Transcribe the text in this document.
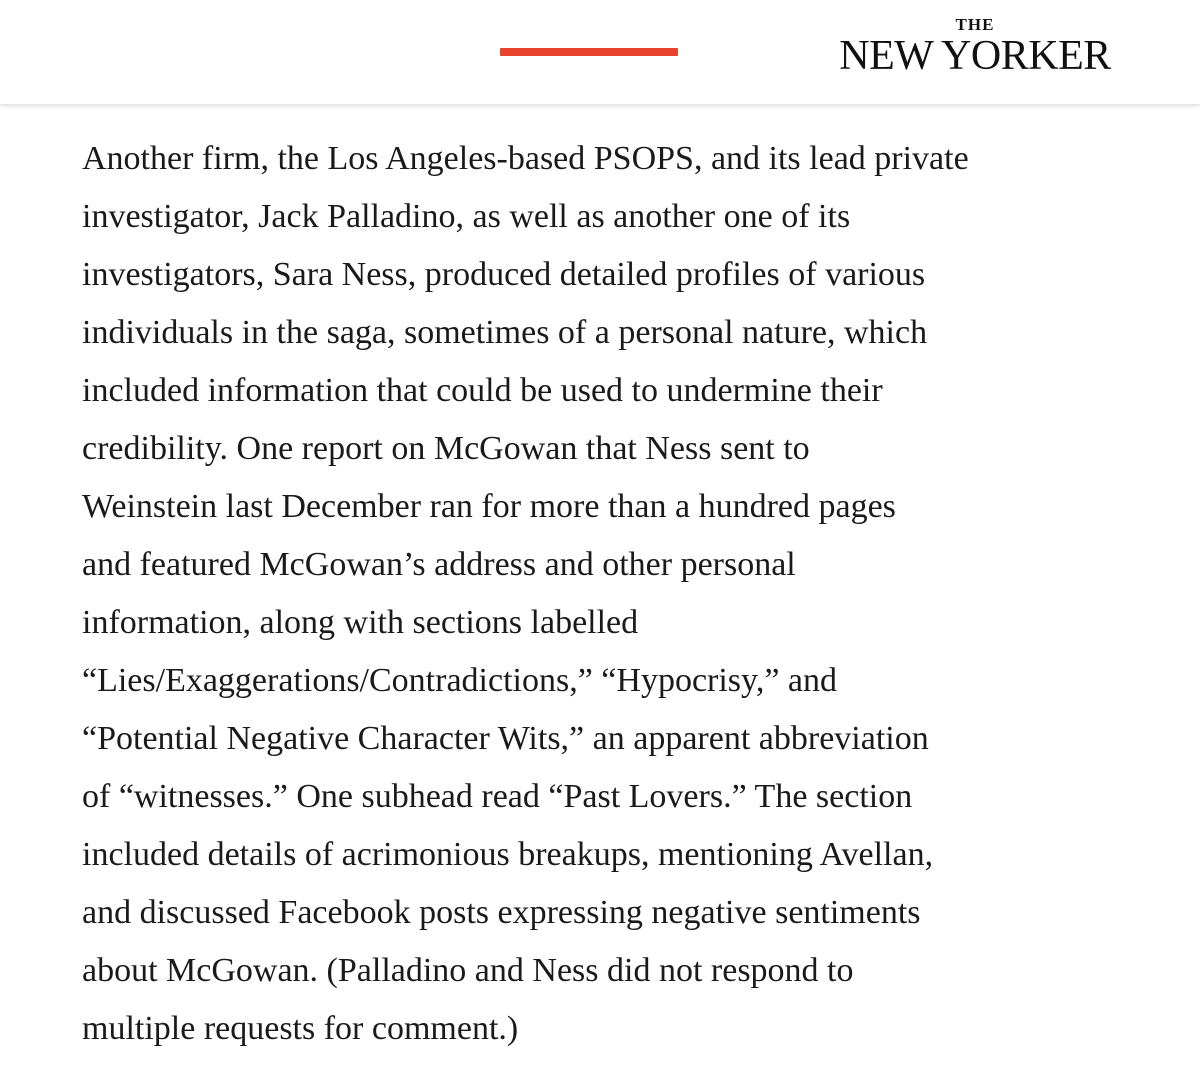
THE
NEW YORKER
Another firm, the Los Angeles-based PSOPS, and its lead private
investigator, Jack Palladino, as well as another one of its
investigators, Sara Ness, produced detailed profiles of various
individuals in the saga, sometimes of a personal nature, which
included information that could be used to undermine their
credibility. One report on McGowan that Ness sent to
Weinstein last December ran for more than a hundred pages
and featured McGowan’s address and other personal
information, along with sections labelled
“Lies/Exaggerations/Contradictions,” “Hypocrisy,” and
“Potential Negative Character Wits,” an apparent abbreviation
of “witnesses.” One subhead read “Past Lovers.” The section
included details of acrimonious breakups, mentioning Avellan,
and discussed Facebook posts expressing negative sentiments
about McGowan. (Palladino and Ness did not respond to
multiple requests for comment.)
